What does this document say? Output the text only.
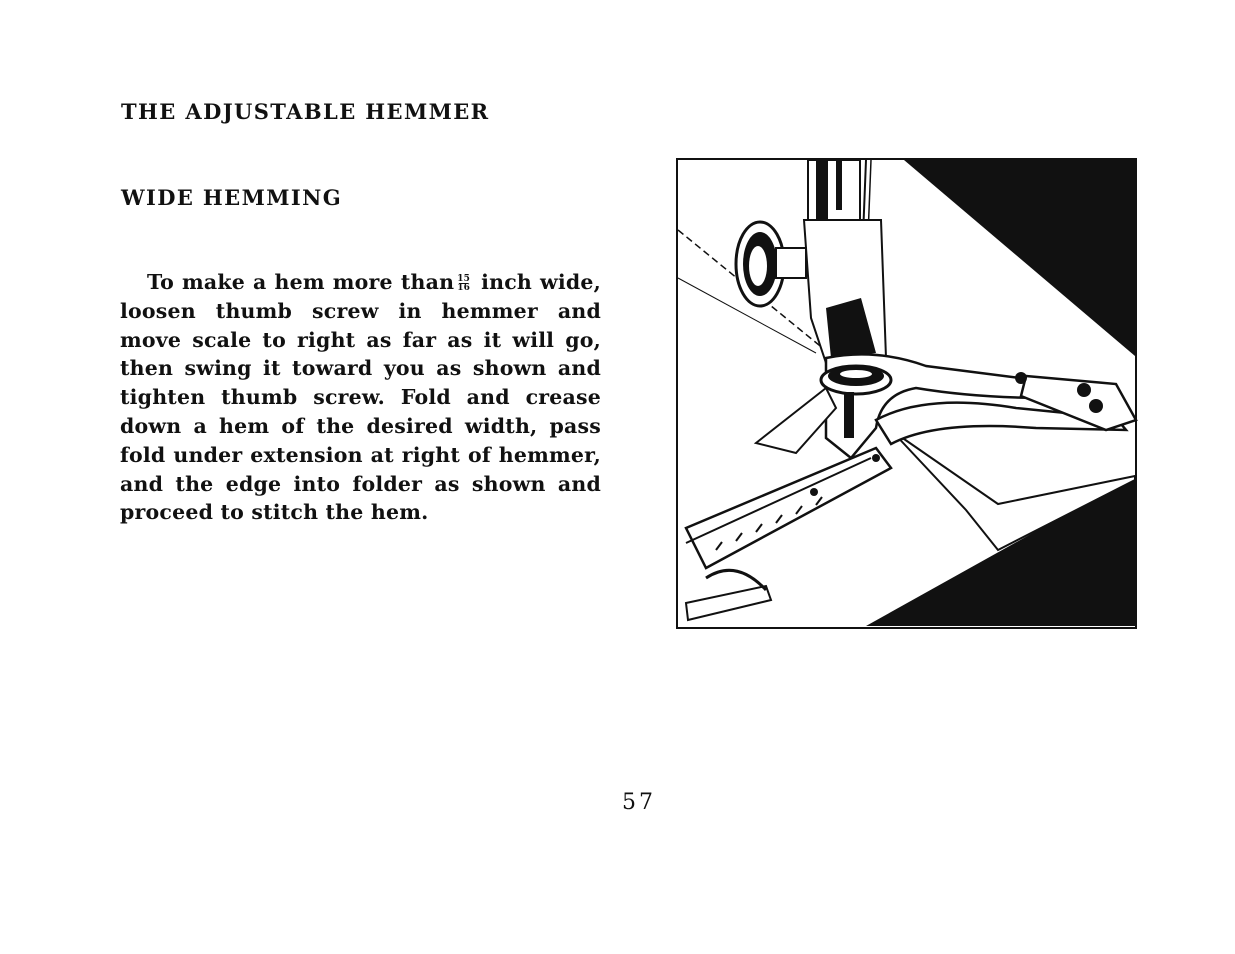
THE ADJUSTABLE HEMMER
WIDE HEMMING

To make a hem more than $\frac{15}{16}$ inch wide, loosen thumb screw in hemmer and move scale to right as far as it will go, then swing it toward you as shown and tighten thumb screw. Fold and crease down a hem of the desired width, pass fold under extension at right of hemmer, and the edge into folder as shown and proceed to stitch the hem.

57
